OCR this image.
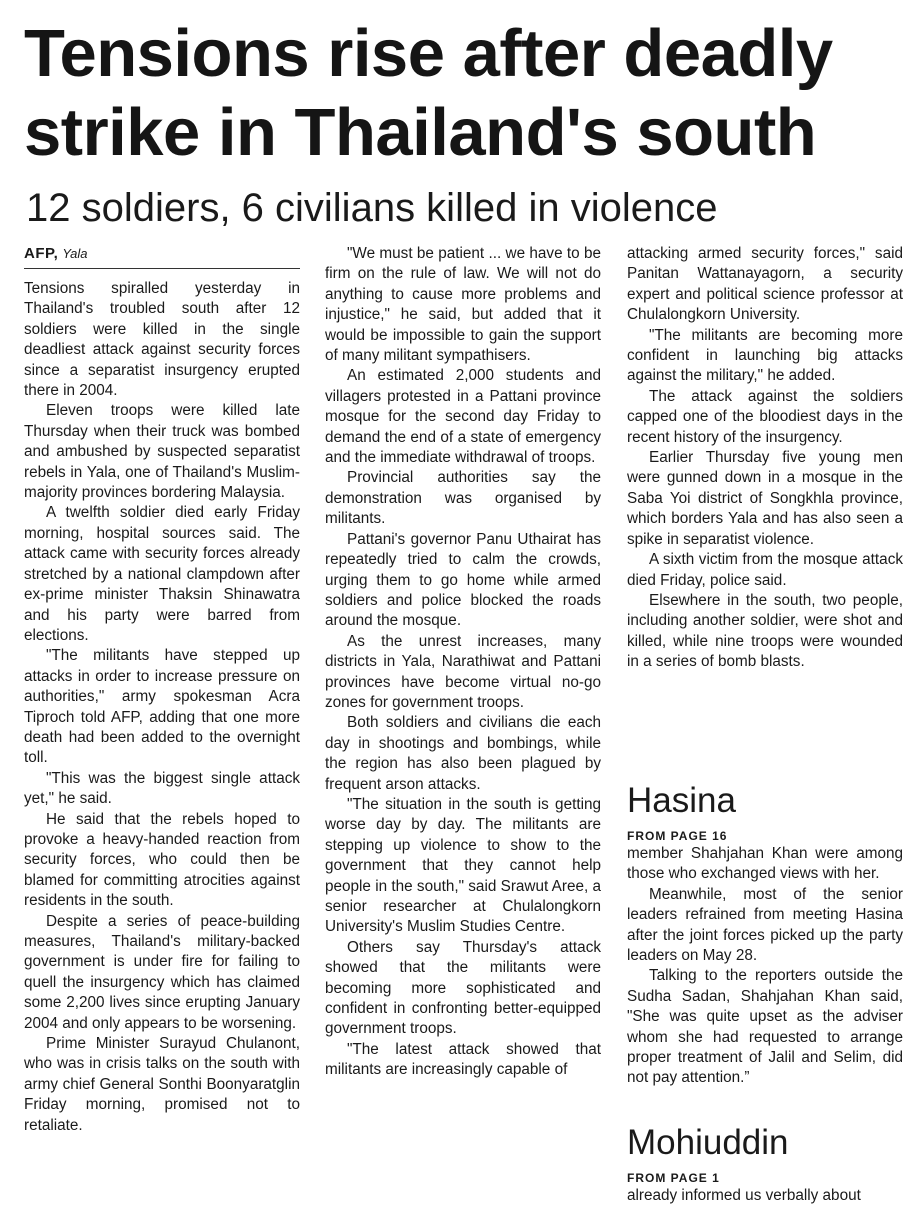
Tensions rise after deadly strike in Thailand's south
12 soldiers, 6 civilians killed in violence
AFP, Yala

Tensions spiralled yesterday in Thailand's troubled south after 12 soldiers were killed in the single deadliest attack against security forces since a separatist insurgency erupted there in 2004.

Eleven troops were killed late Thursday when their truck was bombed and ambushed by suspected separatist rebels in Yala, one of Thailand's Muslim-majority provinces bordering Malaysia.

A twelfth soldier died early Friday morning, hospital sources said. The attack came with security forces already stretched by a national clampdown after ex-prime minister Thaksin Shinawatra and his party were barred from elections.

"The militants have stepped up attacks in order to increase pressure on authorities," army spokesman Acra Tiproch told AFP, adding that one more death had been added to the overnight toll.

"This was the biggest single attack yet," he said.

He said that the rebels hoped to provoke a heavy-handed reaction from security forces, who could then be blamed for committing atrocities against residents in the south.

Despite a series of peace-building measures, Thailand's military-backed government is under fire for failing to quell the insurgency which has claimed some 2,200 lives since erupting January 2004 and only appears to be worsening.

Prime Minister Surayud Chulanont, who was in crisis talks on the south with army chief General Sonthi Boonyaratglin Friday morning, promised not to retaliate.

"We must be patient ... we have to be firm on the rule of law. We will not do anything to cause more problems and injustice," he said, but added that it would be impossible to gain the support of many militant sympathisers.

An estimated 2,000 students and villagers protested in a Pattani province mosque for the second day Friday to demand the end of a state of emergency and the immediate withdrawal of troops.

Provincial authorities say the demonstration was organised by militants.

Pattani's governor Panu Uthairat has repeatedly tried to calm the crowds, urging them to go home while armed soldiers and police blocked the roads around the mosque.

As the unrest increases, many districts in Yala, Narathiwat and Pattani provinces have become virtual no-go zones for government troops.

Both soldiers and civilians die each day in shootings and bombings, while the region has also been plagued by frequent arson attacks.

"The situation in the south is getting worse day by day. The militants are stepping up violence to show to the government that they cannot help people in the south," said Srawut Aree, a senior researcher at Chulalongkorn University's Muslim Studies Centre.

Others say Thursday's attack showed that the militants were becoming more sophisticated and confident in confronting better-equipped government troops.

"The latest attack showed that militants are increasingly capable of

attacking armed security forces," said Panitan Wattanayagorn, a security expert and political science professor at Chulalongkorn University.

"The militants are becoming more confident in launching big attacks against the military," he added.

The attack against the soldiers capped one of the bloodiest days in the recent history of the insurgency.

Earlier Thursday five young men were gunned down in a mosque in the Saba Yoi district of Songkhla province, which borders Yala and has also seen a spike in separatist violence.

A sixth victim from the mosque attack died Friday, police said.

Elsewhere in the south, two people, including another soldier, were shot and killed, while nine troops were wounded in a series of bomb blasts.

Hasina
FROM PAGE 16

member Shahjahan Khan were among those who exchanged views with her.

Meanwhile, most of the senior leaders refrained from meeting Hasina after the joint forces picked up the party leaders on May 28.

Talking to the reporters outside the Sudha Sadan, Shahjahan Khan said, "She was quite upset as the adviser whom she had requested to arrange proper treatment of Jalil and Selim, did not pay attention.”

Mohiuddin
FROM PAGE 1

already informed us verbally about
